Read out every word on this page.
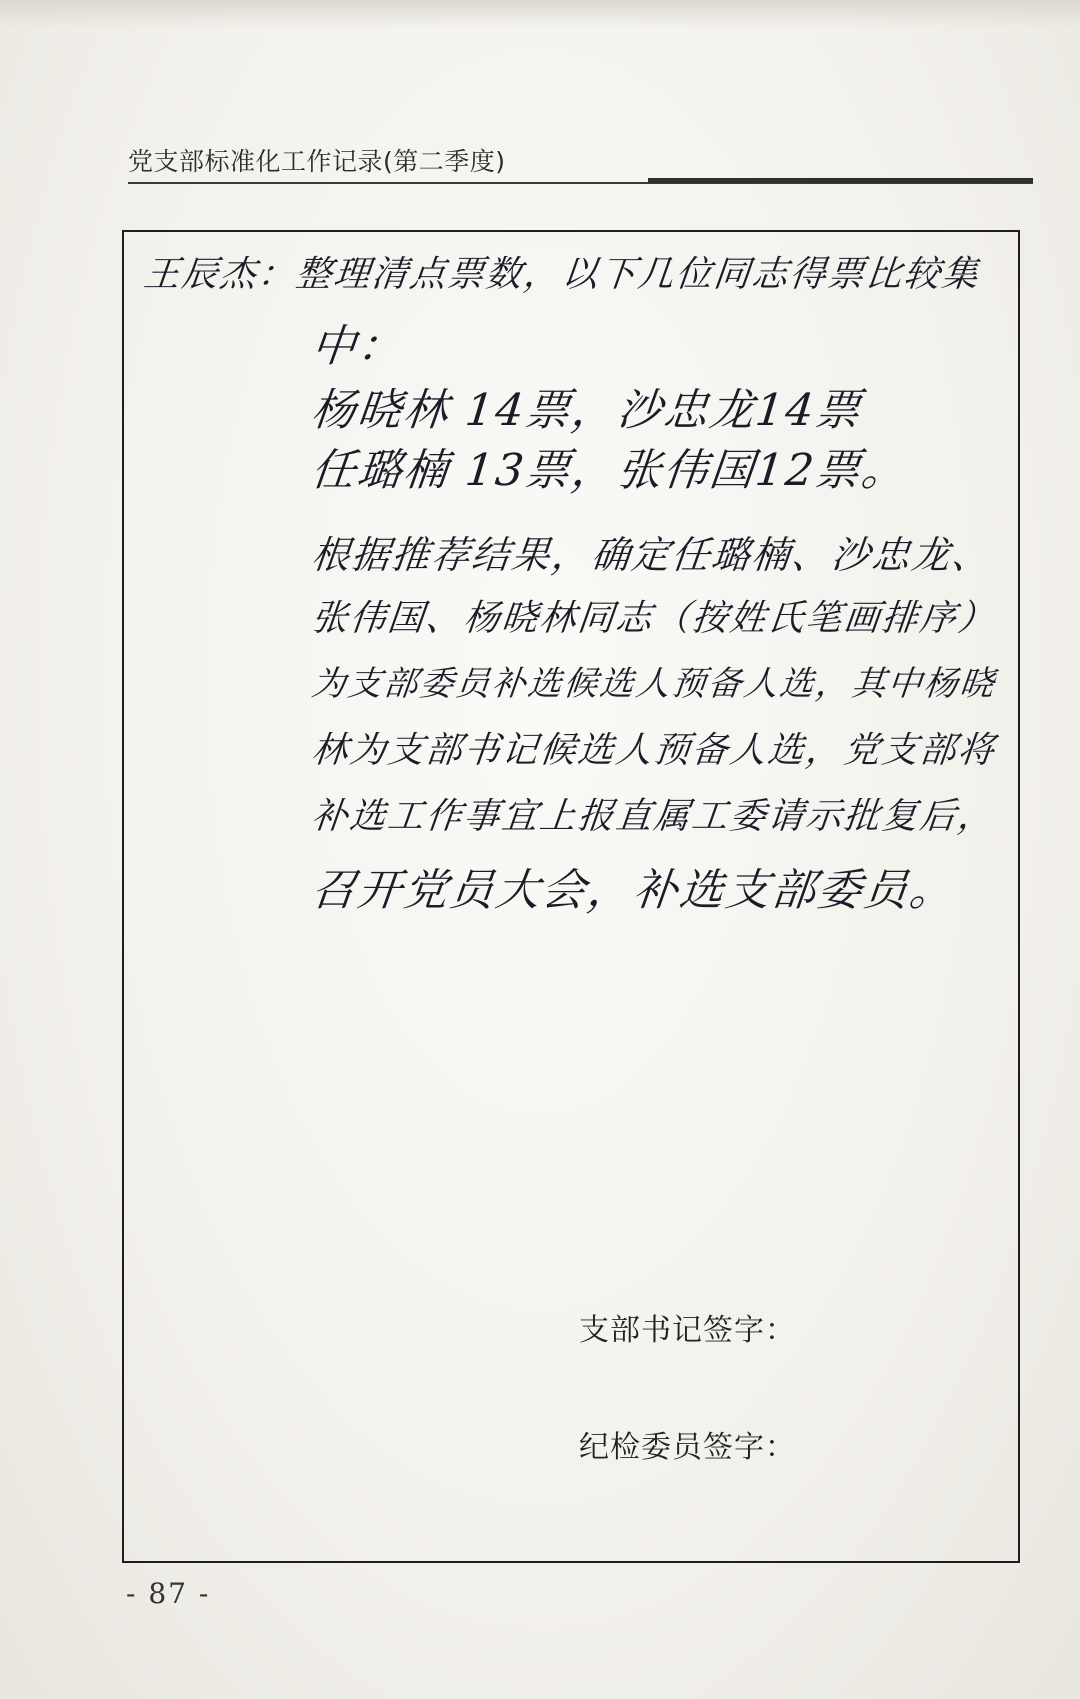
党支部标准化工作记录(第二季度)
王辰杰：整理清点票数，以下几位同志得票比较集
中：
杨晓林 14票，沙忠龙14票
任璐楠 13票，张伟国12票。
根据推荐结果，确定任璐楠、沙忠龙、
张伟国、杨晓林同志（按姓氏笔画排序）
为支部委员补选候选人预备人选，其中杨晓
林为支部书记候选人预备人选，党支部将
补选工作事宜上报直属工委请示批复后，
召开党员大会，补选支部委员。
支部书记签字：
纪检委员签字：
- 87 -
